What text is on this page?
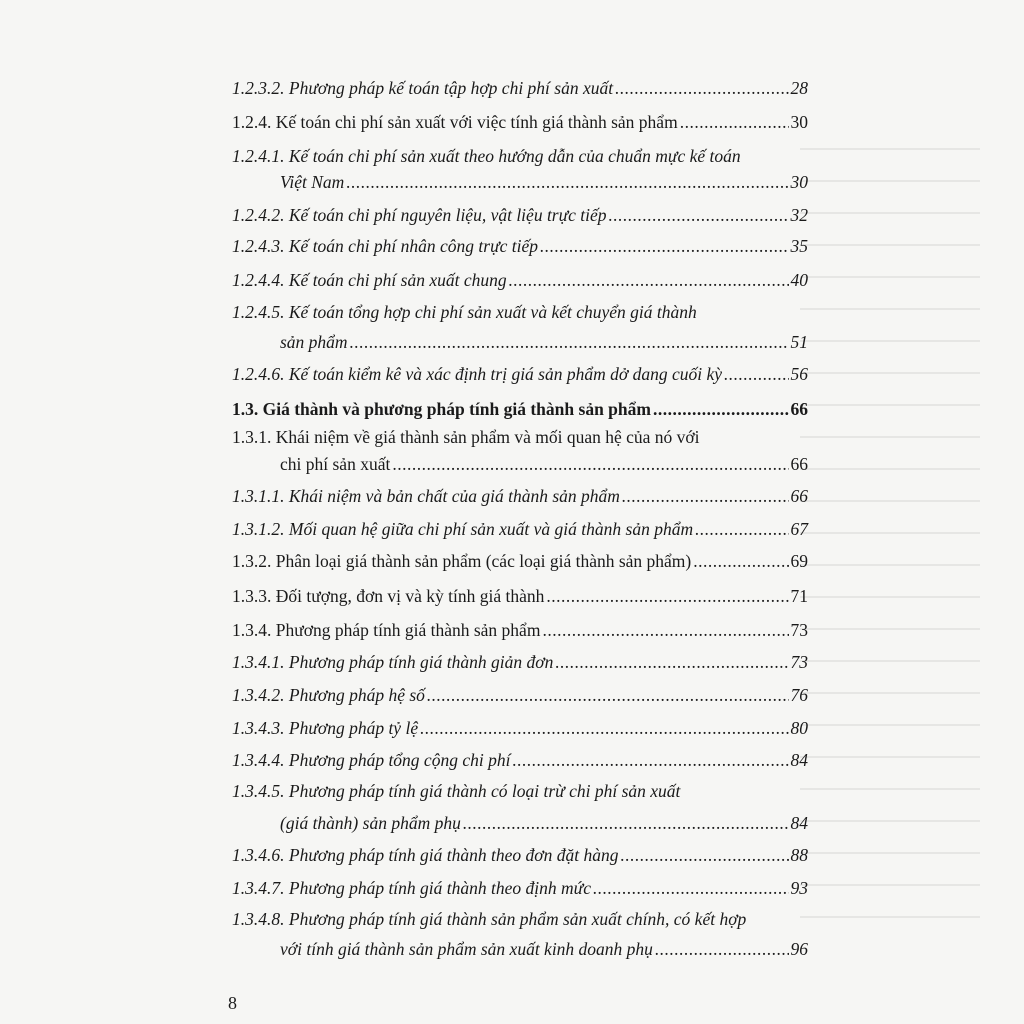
1.2.3.2. Phương pháp kế toán tập hợp chi phí sản xuất .....	28
1.2.4. Kế toán chi phí sản xuất với việc tính giá thành sản phẩm .....	30
1.2.4.1. Kế toán chi phí sản xuất theo hướng dẫn của chuẩn mực kế toán
Việt Nam .....	30
1.2.4.2. Kế toán chi phí nguyên liệu, vật liệu trực tiếp .....	32
1.2.4.3. Kế toán chi phí nhân công trực tiếp .....	35
1.2.4.4. Kế toán chi phí sản xuất chung .....	40
1.2.4.5. Kế toán tổng hợp chi phí sản xuất và kết chuyển giá thành
sản phẩm .....	51
1.2.4.6. Kế toán kiểm kê và xác định trị giá sản phẩm dở dang cuối kỳ .....	56
1.3. Giá thành và phương pháp tính giá thành sản phẩm .....	66
1.3.1. Khái niệm về giá thành sản phẩm và mối quan hệ của nó với
chi phí sản xuất .....	66
1.3.1.1. Khái niệm và bản chất của giá thành sản phẩm .....	66
1.3.1.2. Mối quan hệ giữa chi phí sản xuất và giá thành sản phẩm .....	67
1.3.2. Phân loại giá thành sản phẩm (các loại giá thành sản phẩm) .....	69
1.3.3. Đối tượng, đơn vị và kỳ tính giá thành .....	71
1.3.4. Phương pháp tính giá thành sản phẩm .....	73
1.3.4.1. Phương pháp tính giá thành giản đơn .....	73
1.3.4.2. Phương pháp hệ số .....	76
1.3.4.3. Phương pháp tỷ lệ .....	80
1.3.4.4. Phương pháp tổng cộng chi phí .....	84
1.3.4.5. Phương pháp tính giá thành có loại trừ chi phí sản xuất
(giá thành) sản phẩm phụ .....	84
1.3.4.6. Phương pháp tính giá thành theo đơn đặt hàng .....	88
1.3.4.7. Phương pháp tính giá thành theo định mức .....	93
1.3.4.8. Phương pháp tính giá thành sản phẩm sản xuất chính, có kết hợp
với tính giá thành sản phẩm sản xuất kinh doanh phụ .....	96
8
